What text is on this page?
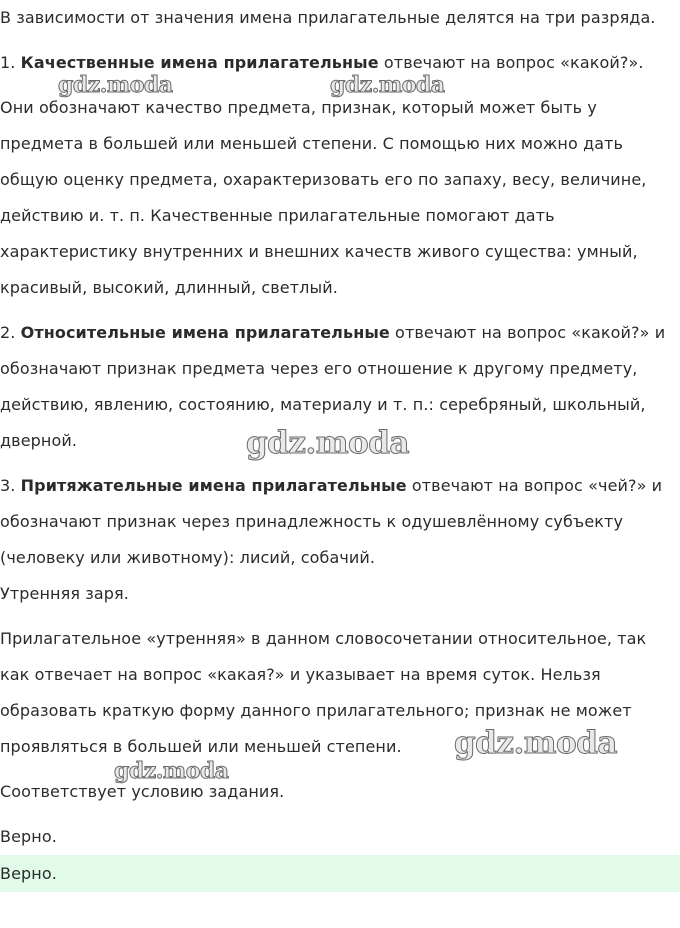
В зависимости от значения имена прилагательные делятся на три разряда.

1. Качественные имена прилагательные отвечают на вопрос «какой?».

Они обозначают качество предмета, признак, который может быть у предмета в большей или меньшей степени. С помощью них можно дать общую оценку предмета, охарактеризовать его по запаху, весу, величине, действию и. т. п. Качественные прилагательные помогают дать характеристику внутренних и внешних качеств живого существа: умный, красивый, высокий, длинный, светлый.

2. Относительные имена прилагательные отвечают на вопрос «какой?» и обозначают признак предмета через его отношение к другому предмету, действию, явлению, состоянию, материалу и т. п.: серебряный, школьный, дверной.

3. Притяжательные имена прилагательные отвечают на вопрос «чей?» и обозначают признак через принадлежность к одушевлённому субъекту (человеку или животному): лисий, собачий.

Утренняя заря.

Прилагательное «утренняя» в данном словосочетании относительное, так как отвечает на вопрос «какая?» и указывает на время суток. Нельзя образовать краткую форму данного прилагательного; признак не может проявляться в большей или меньшей степени.

Соответствует условию задания.

Верно.

Верно.
gdz.moda	gdz.moda
gdz.moda
gdz.moda
gdz.moda
